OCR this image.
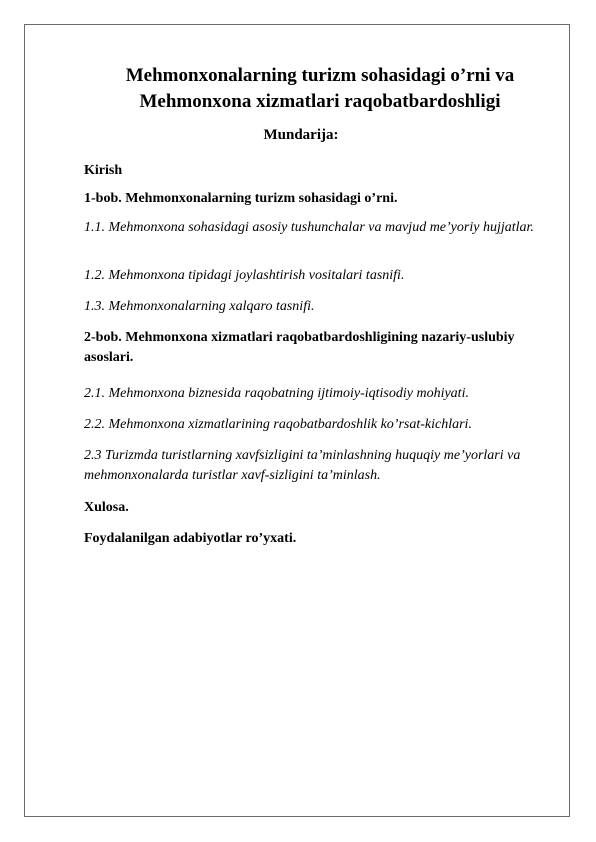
Mehmonxonalarning turizm sohasidagi o’rni va
Mehmonxona xizmatlari raqobatbardoshligi
Mundarija:

Kirish

1-bob. Mehmonxonalarning turizm sohasidagi o’rni.

1.1. Mehmonxona sohasidagi asosiy tushunchalar va mavjud me’yoriy hujjatlar.

1.2. Mehmonxona tipidagi joylashtirish vositalari tasnifi.

1.3. Mehmonxonalarning xalqaro tasnifi.

2-bob. Mehmonxona xizmatlari raqobatbardoshligining nazariy-uslubiy asoslari.

2.1. Mehmonxona biznesida raqobatning ijtimoiy-iqtisodiy mohiyati.

2.2. Mehmonxona xizmatlarining raqobatbardoshlik ko’rsat-kichlari.

2.3 Turizmda turistlarning xavfsizligini ta’minlashning huquqiy me’yorlari va mehmonxonalarda turistlar xavf-sizligini ta’minlash.

Xulosa.

Foydalanilgan adabiyotlar ro’yxati.
